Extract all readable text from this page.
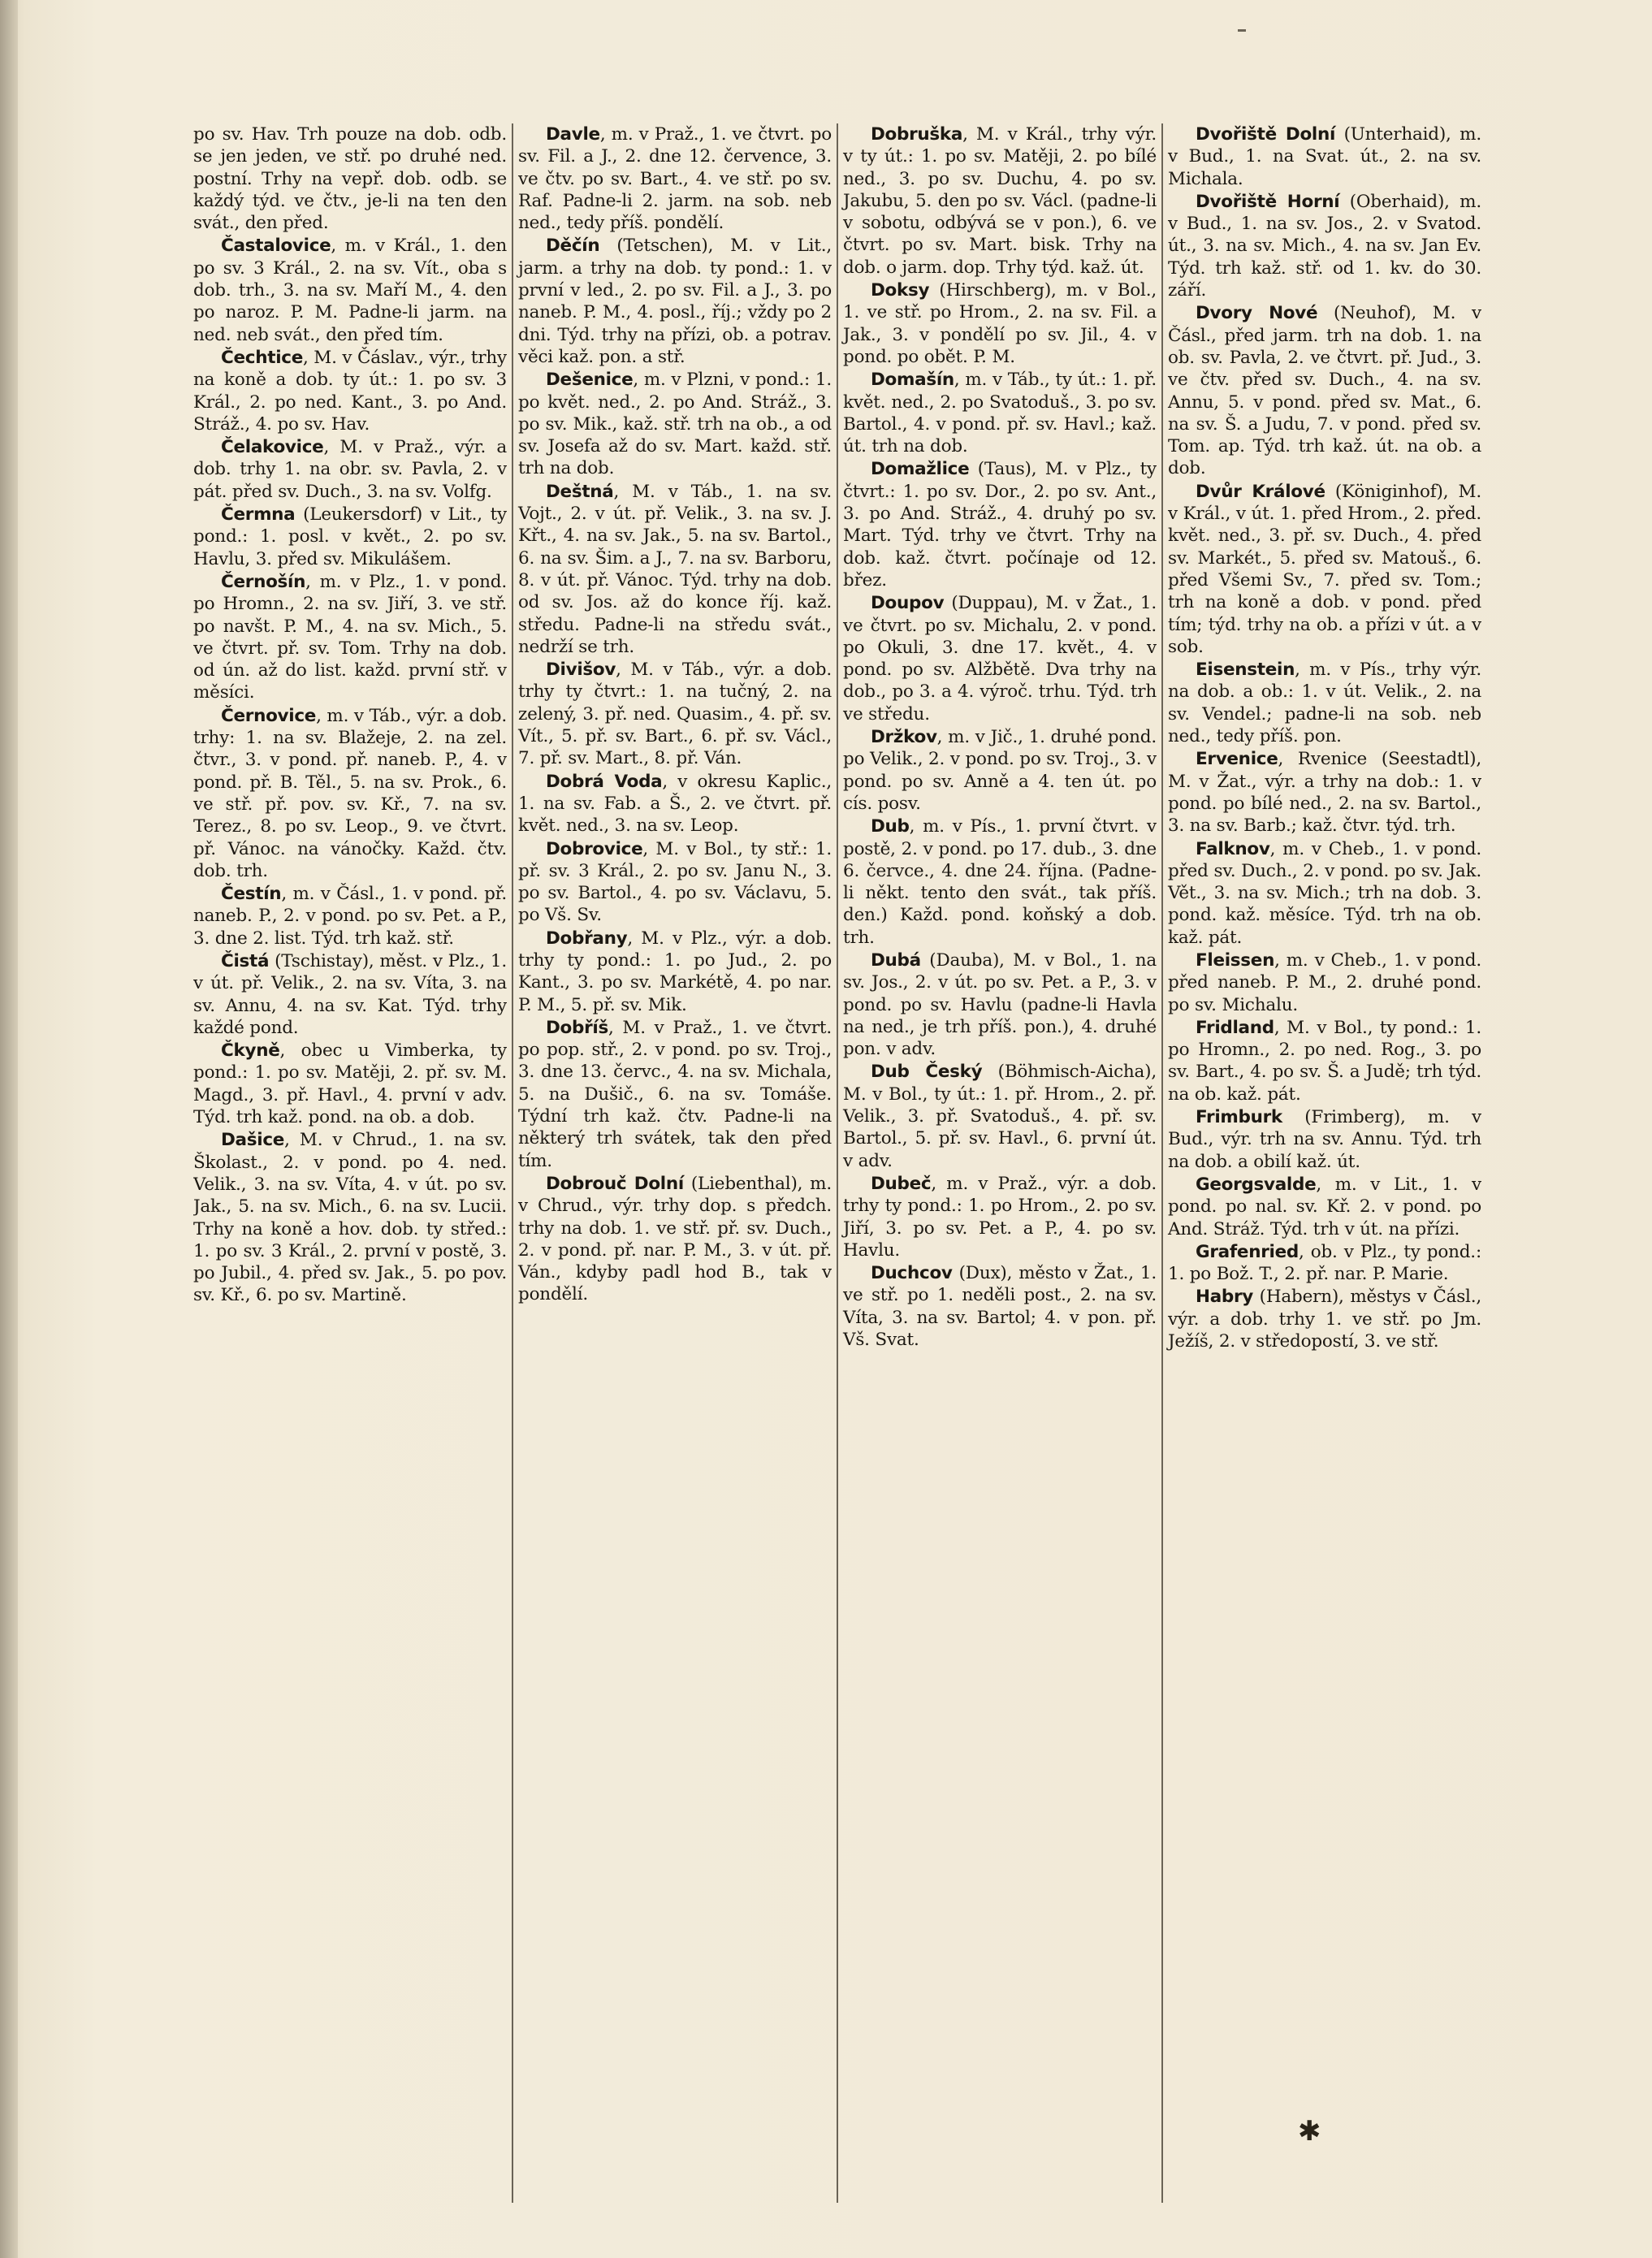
po sv. Hav. Trh pouze na dob. odb. se jen jeden, ve stř. po druhé ned. postní. Trhy na vepř. dob. odb. se každý týd. ve čtv., je-li na ten den svát., den před.

Častalovice, m. v Král., 1. den po sv. 3 Král., 2. na sv. Vít., oba s dob. trh., 3. na sv. Maří M., 4. den po naroz. P. M. Padne-li jarm. na ned. neb svát., den před tím.

Čechtice, M. v Čáslav., výr., trhy na koně a dob. ty út.: 1. po sv. 3 Král., 2. po ned. Kant., 3. po And. Stráž., 4. po sv. Hav.

Čelakovice, M. v Praž., výr. a dob. trhy 1. na obr. sv. Pavla, 2. v pát. před sv. Duch., 3. na sv. Volfg.

Čermna (Leukersdorf) v Lit., ty pond.: 1. posl. v květ., 2. po sv. Havlu, 3. před sv. Mikulášem.

Černošín, m. v Plz., 1. v pond. po Hromn., 2. na sv. Jiří, 3. ve stř. po navšt. P. M., 4. na sv. Mich., 5. ve čtvrt. př. sv. Tom. Trhy na dob. od ún. až do list. každ. první stř. v měsíci.

Černovice, m. v Táb., výr. a dob. trhy: 1. na sv. Blažeje, 2. na zel. čtvr., 3. v pond. př. naneb. P., 4. v pond. př. B. Těl., 5. na sv. Prok., 6. ve stř. př. pov. sv. Kř., 7. na sv. Terez., 8. po sv. Leop., 9. ve čtvrt. př. Vánoc. na vánočky. Každ. čtv. dob. trh.

Čestín, m. v Čásl., 1. v pond. př. naneb. P., 2. v pond. po sv. Pet. a P., 3. dne 2. list. Týd. trh kaž. stř.

Čistá (Tschistay), měst. v Plz., 1. v út. př. Velik., 2. na sv. Víta, 3. na sv. Annu, 4. na sv. Kat. Týd. trhy každé pond.

Čkyně, obec u Vimberka, ty pond.: 1. po sv. Matěji, 2. př. sv. M. Magd., 3. př. Havl., 4. první v adv. Týd. trh kaž. pond. na ob. a dob.

Dašice, M. v Chrud., 1. na sv. Školast., 2. v pond. po 4. ned. Velik., 3. na sv. Víta, 4. v út. po sv. Jak., 5. na sv. Mich., 6. na sv. Lucii. Trhy na koně a hov. dob. ty střed.: 1. po sv. 3 Král., 2. první v postě, 3. po Jubil., 4. před sv. Jak., 5. po pov. sv. Kř., 6. po sv. Martině.

Davle, m. v Praž., 1. ve čtvrt. po sv. Fil. a J., 2. dne 12. července, 3. ve čtv. po sv. Bart., 4. ve stř. po sv. Raf. Padne-li 2. jarm. na sob. neb ned., tedy příš. pondělí.

Děčín (Tetschen), M. v Lit., jarm. a trhy na dob. ty pond.: 1. v první v led., 2. po sv. Fil. a J., 3. po naneb. P. M., 4. posl., říj.; vždy po 2 dni. Týd. trhy na přízi, ob. a potrav. věci kaž. pon. a stř.

Dešenice, m. v Plzni, v pond.: 1. po květ. ned., 2. po And. Stráž., 3. po sv. Mik., kaž. stř. trh na ob., a od sv. Josefa až do sv. Mart. každ. stř. trh na dob.

Deštná, M. v Táb., 1. na sv. Vojt., 2. v út. př. Velik., 3. na sv. J. Křt., 4. na sv. Jak., 5. na sv. Bartol., 6. na sv. Šim. a J., 7. na sv. Barboru, 8. v út. př. Vánoc. Týd. trhy na dob. od sv. Jos. až do konce říj. kaž. středu. Padne-li na středu svát., nedrží se trh.

Divišov, M. v Táb., výr. a dob. trhy ty čtvrt.: 1. na tučný, 2. na zelený, 3. př. ned. Quasim., 4. př. sv. Vít., 5. př. sv. Bart., 6. př. sv. Václ., 7. př. sv. Mart., 8. př. Ván.

Dobrá Voda, v okresu Kaplic., 1. na sv. Fab. a Š., 2. ve čtvrt. př. květ. ned., 3. na sv. Leop.

Dobrovice, M. v Bol., ty stř.: 1. př. sv. 3 Král., 2. po sv. Janu N., 3. po sv. Bartol., 4. po sv. Václavu, 5. po Vš. Sv.

Dobřany, M. v Plz., výr. a dob. trhy ty pond.: 1. po Jud., 2. po Kant., 3. po sv. Markétě, 4. po nar. P. M., 5. př. sv. Mik.

Dobříš, M. v Praž., 1. ve čtvrt. po pop. stř., 2. v pond. po sv. Troj., 3. dne 13. červc., 4. na sv. Michala, 5. na Dušič., 6. na sv. Tomáše. Týdní trh kaž. čtv. Padne-li na některý trh svátek, tak den před tím.

Dobrouč Dolní (Liebenthal), m. v Chrud., výr. trhy dop. s předch. trhy na dob. 1. ve stř. př. sv. Duch., 2. v pond. př. nar. P. M., 3. v út. př. Ván., kdyby padl hod B., tak v pondělí.

Dobruška, M. v Král., trhy výr. v ty út.: 1. po sv. Matěji, 2. po bílé ned., 3. po sv. Duchu, 4. po sv. Jakubu, 5. den po sv. Václ. (padne-li v sobotu, odbývá se v pon.), 6. ve čtvrt. po sv. Mart. bisk. Trhy na dob. o jarm. dop. Trhy týd. kaž. út.

Doksy (Hirschberg), m. v Bol., 1. ve stř. po Hrom., 2. na sv. Fil. a Jak., 3. v pondělí po sv. Jil., 4. v pond. po obět. P. M.

Domašín, m. v Táb., ty út.: 1. př. květ. ned., 2. po Svatoduš., 3. po sv. Bartol., 4. v pond. př. sv. Havl.; kaž. út. trh na dob.

Domažlice (Taus), M. v Plz., ty čtvrt.: 1. po sv. Dor., 2. po sv. Ant., 3. po And. Stráž., 4. druhý po sv. Mart. Týd. trhy ve čtvrt. Trhy na dob. kaž. čtvrt. počínaje od 12. břez.

Doupov (Duppau), M. v Žat., 1. ve čtvrt. po sv. Michalu, 2. v pond. po Okuli, 3. dne 17. květ., 4. v pond. po sv. Alžbětě. Dva trhy na dob., po 3. a 4. výroč. trhu. Týd. trh ve středu.

Držkov, m. v Jič., 1. druhé pond. po Velik., 2. v pond. po sv. Troj., 3. v pond. po sv. Anně a 4. ten út. po cís. posv.

Dub, m. v Pís., 1. první čtvrt. v postě, 2. v pond. po 17. dub., 3. dne 6. červce., 4. dne 24. října. (Padne-li někt. tento den svát., tak příš. den.) Každ. pond. koňský a dob. trh.

Dubá (Dauba), M. v Bol., 1. na sv. Jos., 2. v út. po sv. Pet. a P., 3. v pond. po sv. Havlu (padne-li Havla na ned., je trh příš. pon.), 4. druhé pon. v adv.

Dub Český (Böhmisch-Aicha), M. v Bol., ty út.: 1. př. Hrom., 2. př. Velik., 3. př. Svatoduš., 4. př. sv. Bartol., 5. př. sv. Havl., 6. první út. v adv.

Dubeč, m. v Praž., výr. a dob. trhy ty pond.: 1. po Hrom., 2. po sv. Jiří, 3. po sv. Pet. a P., 4. po sv. Havlu.

Duchcov (Dux), město v Žat., 1. ve stř. po 1. neděli post., 2. na sv. Víta, 3. na sv. Bartol; 4. v pon. př. Vš. Svat.

Dvořiště Dolní (Unterhaid), m. v Bud., 1. na Svat. út., 2. na sv. Michala.

Dvořiště Horní (Oberhaid), m. v Bud., 1. na sv. Jos., 2. v Svatod. út., 3. na sv. Mich., 4. na sv. Jan Ev. Týd. trh kaž. stř. od 1. kv. do 30. září.

Dvory Nové (Neuhof), M. v Čásl., před jarm. trh na dob. 1. na ob. sv. Pavla, 2. ve čtvrt. př. Jud., 3. ve čtv. před sv. Duch., 4. na sv. Annu, 5. v pond. před sv. Mat., 6. na sv. Š. a Judu, 7. v pond. před sv. Tom. ap. Týd. trh kaž. út. na ob. a dob.

Dvůr Králové (Königinhof), M. v Král., v út. 1. před Hrom., 2. před. květ. ned., 3. př. sv. Duch., 4. před sv. Markét., 5. před sv. Matouš., 6. před Všemi Sv., 7. před sv. Tom.; trh na koně a dob. v pond. před tím; týd. trhy na ob. a přízi v út. a v sob.

Eisenstein, m. v Pís., trhy výr. na dob. a ob.: 1. v út. Velik., 2. na sv. Vendel.; padne-li na sob. neb ned., tedy příš. pon.

Ervenice, Rvenice (Seestadtl), M. v Žat., výr. a trhy na dob.: 1. v pond. po bílé ned., 2. na sv. Bartol., 3. na sv. Barb.; kaž. čtvr. týd. trh.

Falknov, m. v Cheb., 1. v pond. před sv. Duch., 2. v pond. po sv. Jak. Vět., 3. na sv. Mich.; trh na dob. 3. pond. kaž. měsíce. Týd. trh na ob. kaž. pát.

Fleissen, m. v Cheb., 1. v pond. před naneb. P. M., 2. druhé pond. po sv. Michalu.

Fridland, M. v Bol., ty pond.: 1. po Hromn., 2. po ned. Rog., 3. po sv. Bart., 4. po sv. Š. a Judě; trh týd. na ob. kaž. pát.

Frimburk (Frimberg), m. v Bud., výr. trh na sv. Annu. Týd. trh na dob. a obilí kaž. út.

Georgsvalde, m. v Lit., 1. v pond. po nal. sv. Kř. 2. v pond. po And. Stráž. Týd. trh v út. na přízi.

Grafenried, ob. v Plz., ty pond.: 1. po Bož. T., 2. př. nar. P. Marie.

Habry (Habern), městys v Čásl., výr. a dob. trhy 1. ve stř. po Jm. Ježíš, 2. v středopostí, 3. ve stř.

✱
